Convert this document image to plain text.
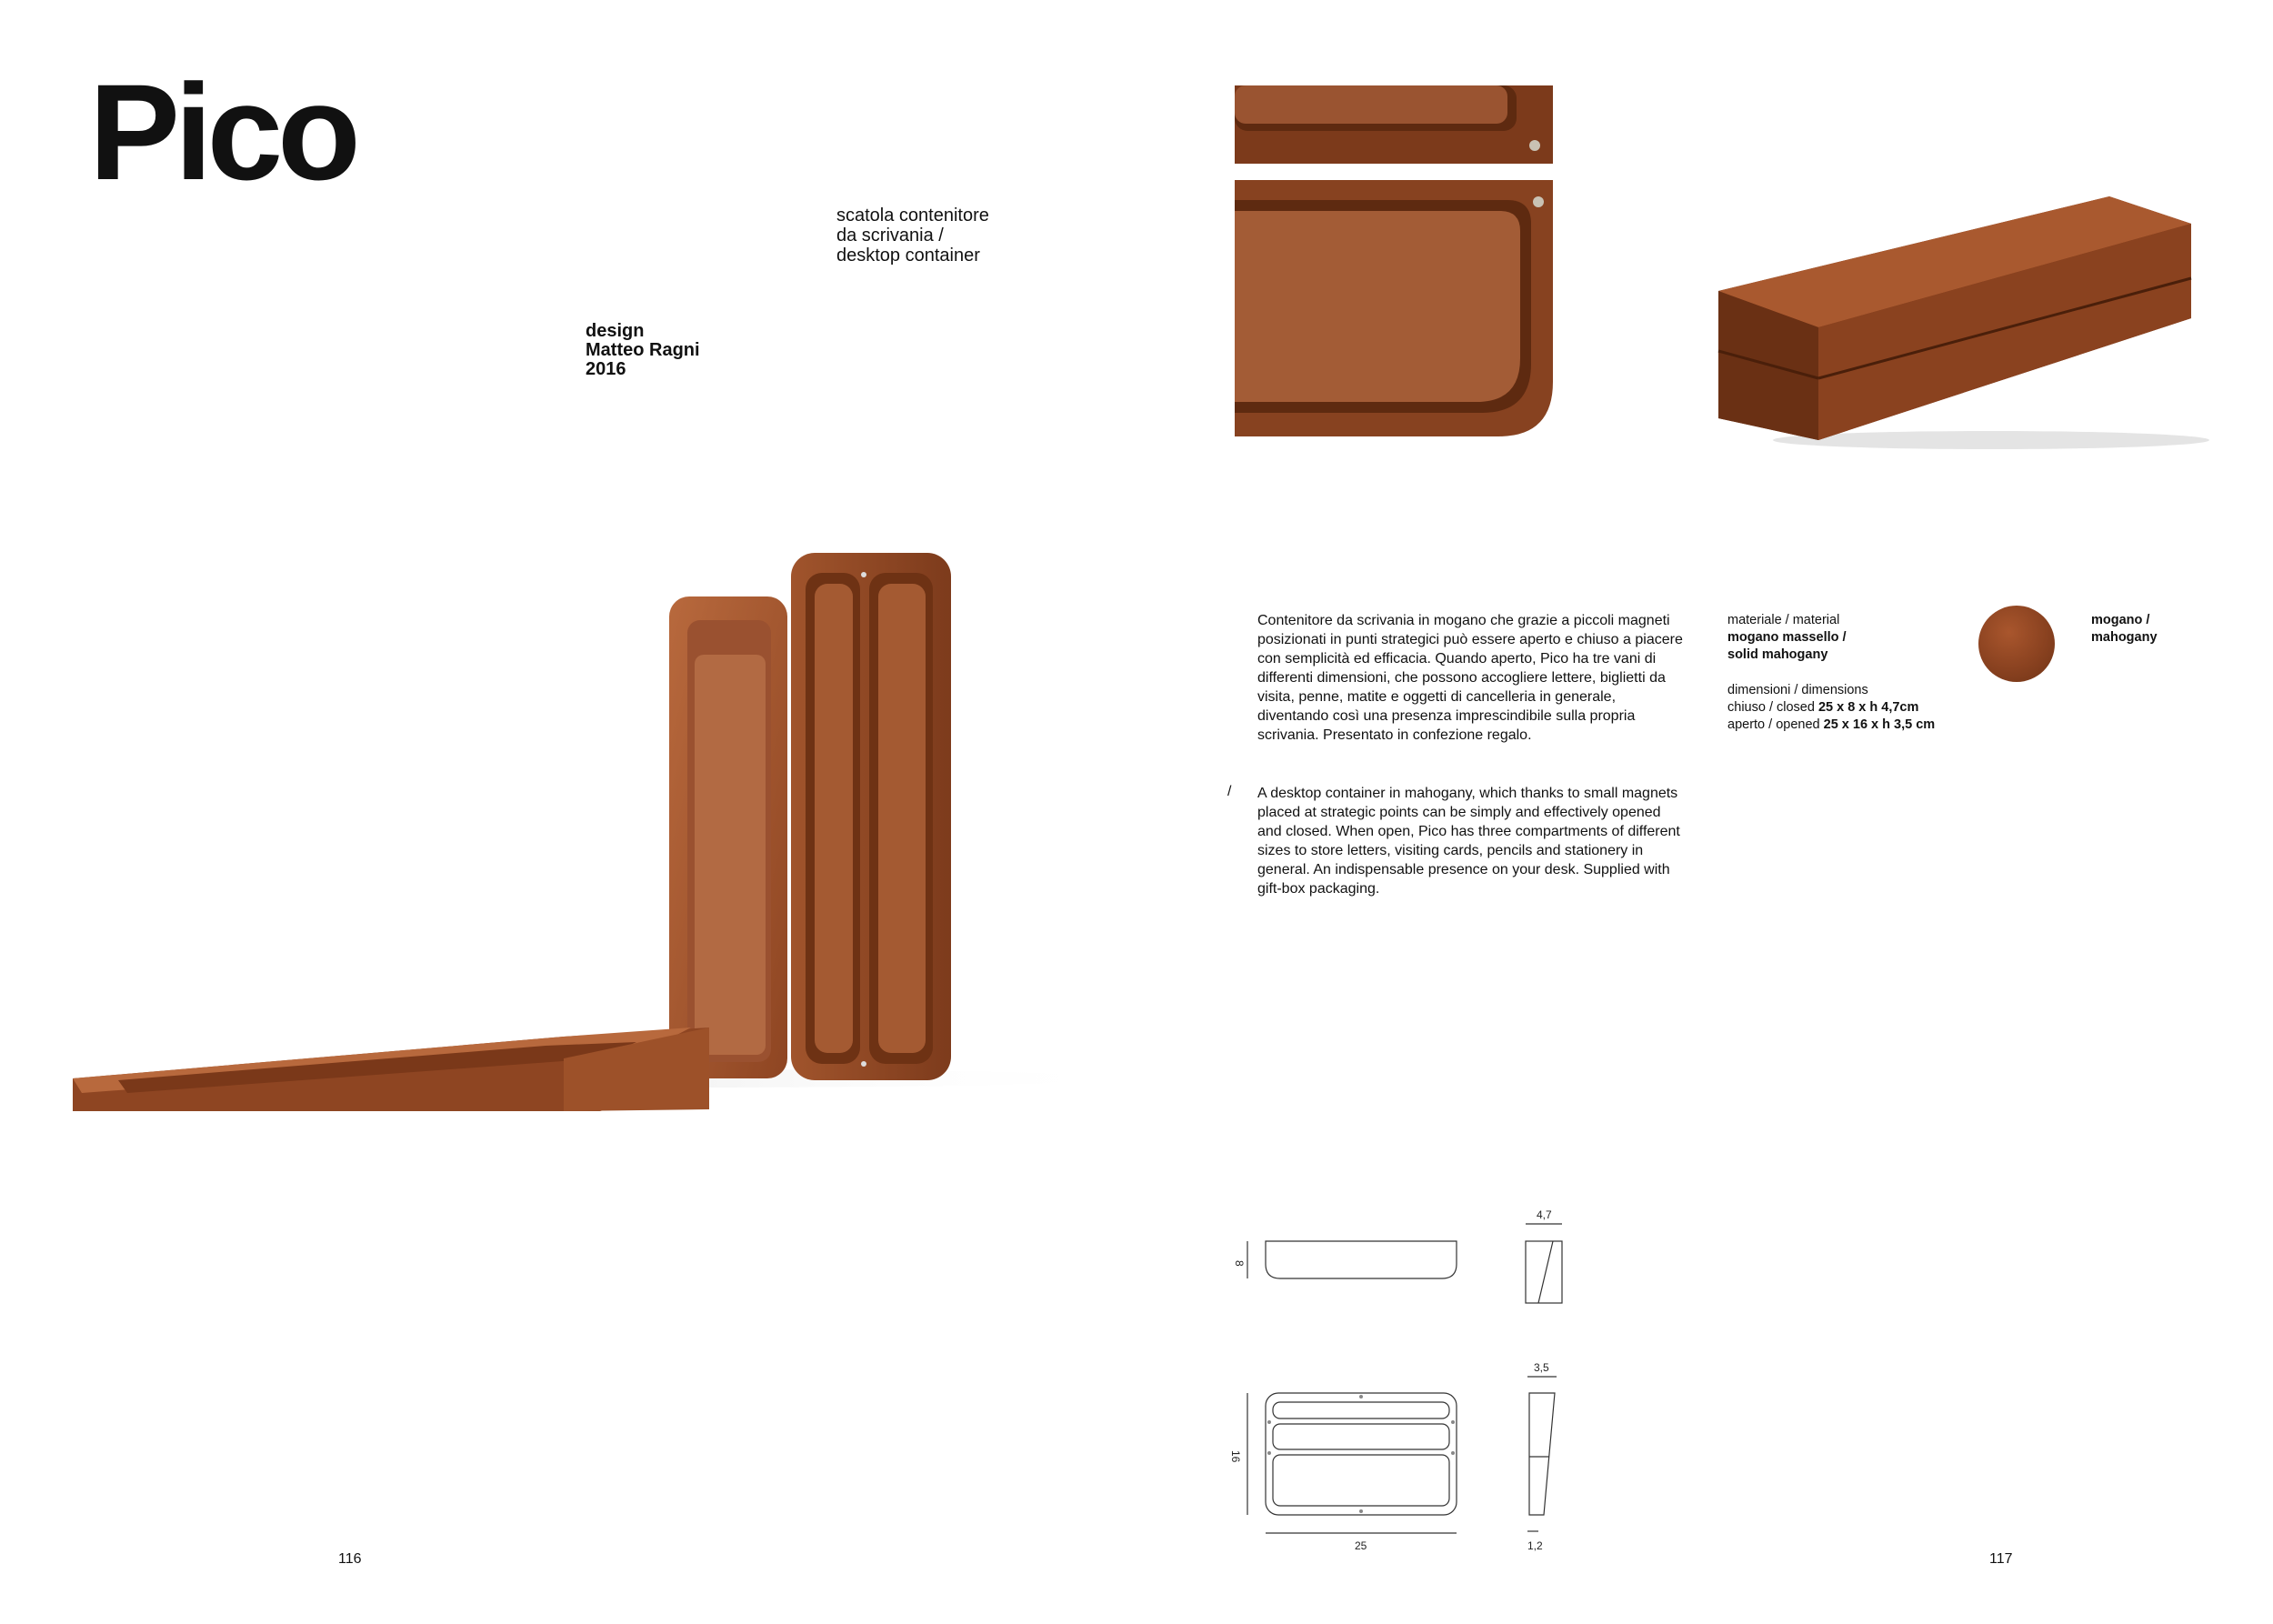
Pico
scatola contenitore
da scrivania /
desktop container
design
Matteo Ragni
2016
116

Contenitore da scrivania in mogano che grazie a piccoli magneti posizionati in punti strategici può essere aperto e chiuso a piacere con semplicità ed efficacia. Quando aperto, Pico ha tre vani di differenti dimensioni, che possono accogliere lettere, biglietti da visita, penne, matite e oggetti di cancelleria in generale, diventando così una presenza imprescindibile sulla propria scrivania. Presentato in confezione regalo.

/ A desktop container in mahogany, which thanks to small magnets placed at strategic points can be simply and effectively opened and closed. When open, Pico has three compartments of different sizes to store letters, visiting cards, pencils and stationery in general. An indispensable presence on your desk. Supplied with gift-box packaging.

materiale / material
mogano massello /
solid mahogany
dimensioni / dimensions
chiuso / closed 25 x 8 x h 4,7cm
aperto / opened 25 x 16 x h 3,5 cm
mogano /
mahogany
8
4,7
16
3,5
25	1,2
117
